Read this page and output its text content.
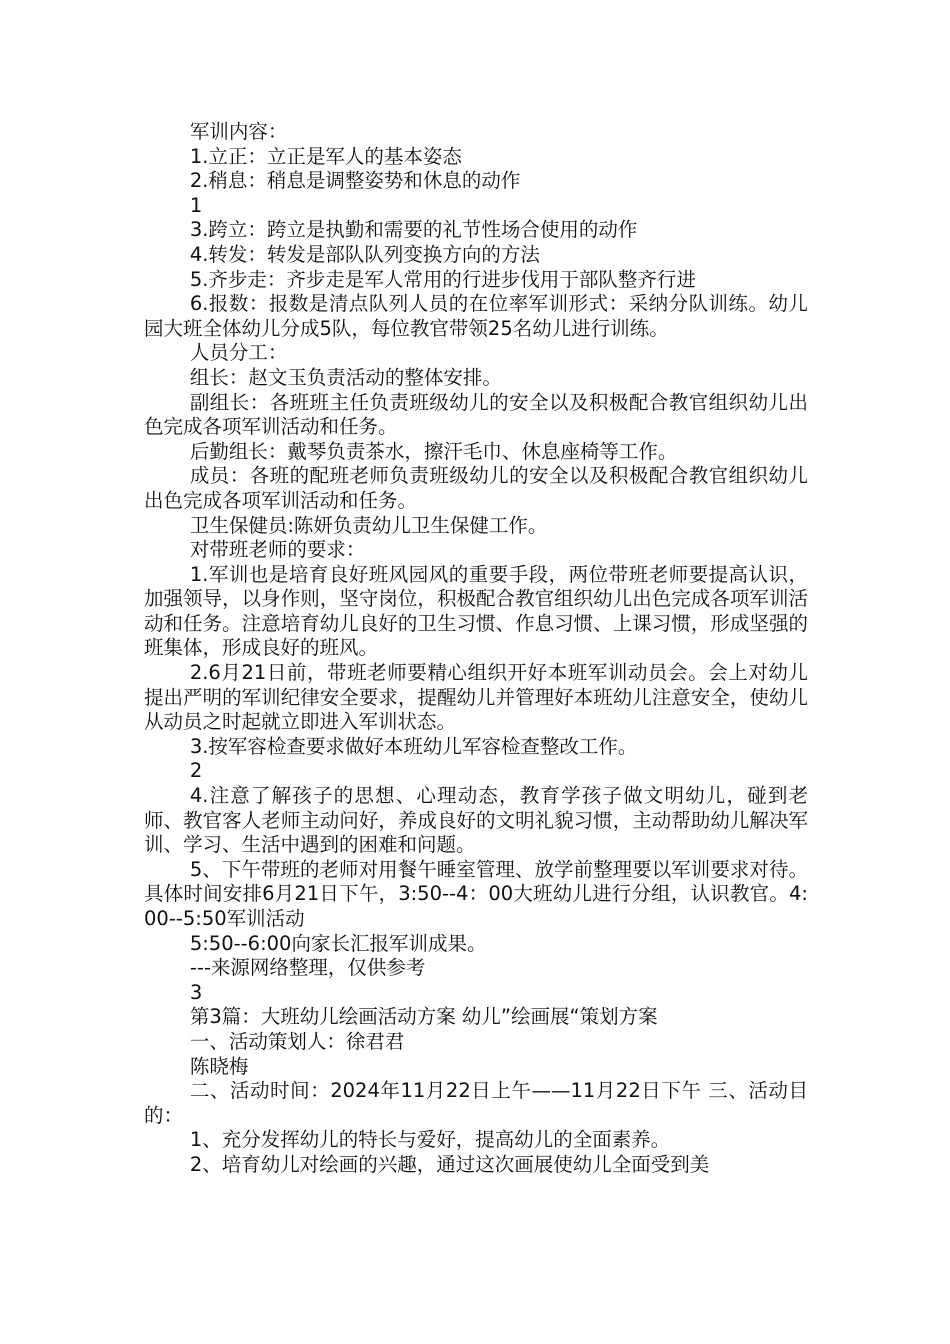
军训内容：

1.立正：立正是军人的基本姿态

2.稍息：稍息是调整姿势和休息的动作

1

3.跨立：跨立是执勤和需要的礼节性场合使用的动作

4.转发：转发是部队队列变换方向的方法

5.齐步走：齐步走是军人常用的行进步伐用于部队整齐行进

6.报数：报数是清点队列人员的在位率军训形式：采纳分队训练。幼儿园大班全体幼儿分成5队，每位教官带领25名幼儿进行训练。

人员分工：

组长：赵文玉负责活动的整体安排。

副组长：各班班主任负责班级幼儿的安全以及积极配合教官组织幼儿出色完成各项军训活动和任务。

后勤组长：戴琴负责茶水，擦汗毛巾、休息座椅等工作。

成员：各班的配班老师负责班级幼儿的安全以及积极配合教官组织幼儿出色完成各项军训活动和任务。

卫生保健员:陈妍负责幼儿卫生保健工作。

对带班老师的要求：

1.军训也是培育良好班风园风的重要手段，两位带班老师要提高认识，加强领导，以身作则，坚守岗位，积极配合教官组织幼儿出色完成各项军训活动和任务。注意培育幼儿良好的卫生习惯、作息习惯、上课习惯，形成坚强的班集体，形成良好的班风。

2.6月21日前，带班老师要精心组织开好本班军训动员会。会上对幼儿提出严明的军训纪律安全要求，提醒幼儿并管理好本班幼儿注意安全，使幼儿从动员之时起就立即进入军训状态。

3.按军容检查要求做好本班幼儿军容检查整改工作。

2

4.注意了解孩子的思想、心理动态，教育学孩子做文明幼儿，碰到老师、教官客人老师主动问好，养成良好的文明礼貌习惯，主动帮助幼儿解决军训、学习、生活中遇到的困难和问题。

5、下午带班的老师对用餐午睡室管理、放学前整理要以军训要求对待。具体时间安排6月21日下午，3:50--4：00大班幼儿进行分组，认识教官。4:00--5:50军训活动

5:50--6:00向家长汇报军训成果。

---来源网络整理，仅供参考

3

第3篇：大班幼儿绘画活动方案 幼儿”绘画展“策划方案

一、活动策划人：徐君君

陈晓梅

二、活动时间：2024年11月22日上午——11月22日下午 三、活动目的：

1、充分发挥幼儿的特长与爱好，提高幼儿的全面素养。

2、培育幼儿对绘画的兴趣，通过这次画展使幼儿全面受到美
